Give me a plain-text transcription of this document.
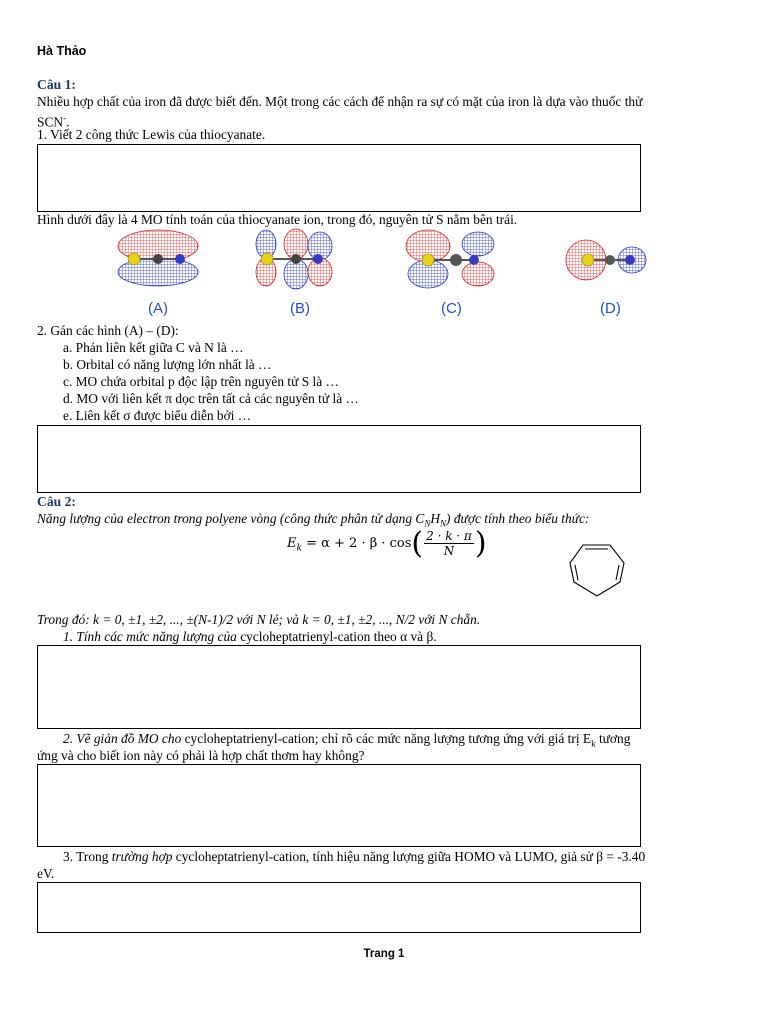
Hà Thảo
Câu 1:
Nhiều hợp chất của iron đã được biết đến. Một trong các cách để nhận ra sự có mặt của iron là dựa vào thuốc thử
SCN-.
1. Viết 2 công thức Lewis của thiocyanate.
Hình dưới đây là 4 MO tính toán của thiocyanate ion, trong đó, nguyên tử S nằm bên trái.
(A)	(B)	(C)	(D)
2. Gán các hình (A) – (D):
a. Phản liên kết giữa C và N là …
b. Orbital có năng lượng lớn nhất là …
c. MO chứa orbital p độc lập trên nguyên tử S là …
d. MO với liên kết π dọc trên tất cả các nguyên tử là …
e. Liên kết σ được biểu diễn bởi …
Câu 2:
Năng lượng của electron trong polyene vòng (công thức phân tử dạng $C_NH_N$) được tính theo biểu thức:
$E_k = \alpha + 2 \cdot \beta \cdot \cos( \frac{2 \cdot k \cdot \pi}{N}$ )
Trong đó: k = 0, ±1, ±2, ..., ±(N-1)/2 với N lẻ; và k = 0, ±1, ±2, ..., N/2 với N chẵn.
1. Tính các mức năng lượng của cycloheptatrienyl-cation theo α và β.
2. Vẽ giản đồ MO cho cycloheptatrienyl-cation; chỉ rõ các mức năng lượng tương ứng với giá trị $E_k$ tương
ứng và cho biết ion này có phải là hợp chất thơm hay không?
3. Trong trường hợp cycloheptatrienyl-cation, tính hiệu năng lượng giữa HOMO và LUMO, giả sử β = -3.40
eV.
Trang 1
